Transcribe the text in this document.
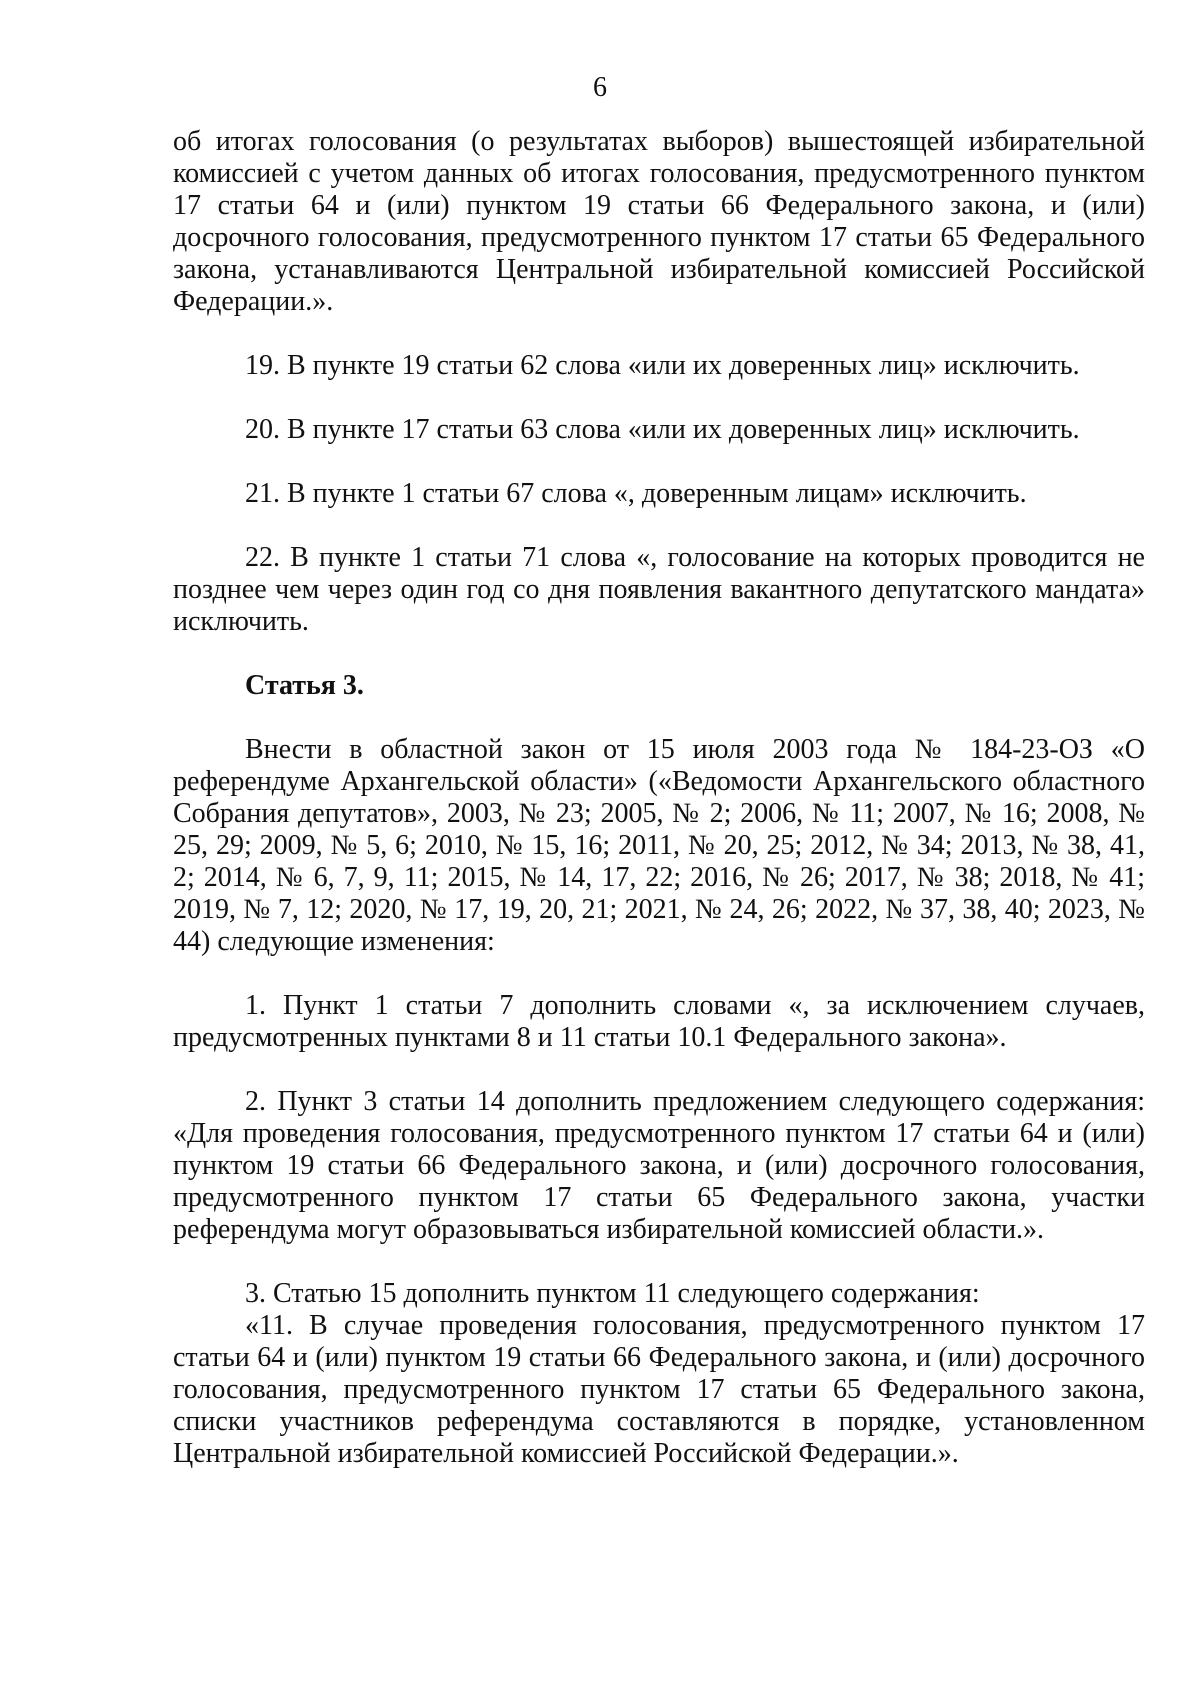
6

об итогах голосования (о результатах выборов) вышестоящей избирательной комиссией с учетом данных об итогах голосования, предусмотренного пунктом 17 статьи 64 и (или) пунктом 19 статьи 66 Федерального закона, и (или) досрочного голосования, предусмотренного пунктом 17 статьи 65 Федерального закона, устанавливаются Центральной избирательной комиссией Российской Федерации.».

19. В пункте 19 статьи 62 слова «или их доверенных лиц» исключить.

20. В пункте 17 статьи 63 слова «или их доверенных лиц» исключить.

21. В пункте 1 статьи 67 слова «, доверенным лицам» исключить.

22. В пункте 1 статьи 71 слова «, голосование на которых проводится не позднее чем через один год со дня появления вакантного депутатского мандата» исключить.

Статья 3.

Внести в областной закон от 15 июля 2003 года № 184-23-ОЗ «О референдуме Архангельской области» («Ведомости Архангельского областного Собрания депутатов», 2003, № 23; 2005, № 2; 2006, № 11; 2007, № 16; 2008, № 25, 29; 2009, № 5, 6; 2010, № 15, 16; 2011, № 20, 25; 2012, № 34; 2013, № 38, 41, 2; 2014, № 6, 7, 9, 11; 2015, № 14, 17, 22; 2016, № 26; 2017, № 38; 2018, № 41; 2019, № 7, 12; 2020, № 17, 19, 20, 21; 2021, № 24, 26; 2022, № 37, 38, 40; 2023, № 44) следующие изменения:

1. Пункт 1 статьи 7 дополнить словами «, за исключением случаев, предусмотренных пунктами 8 и 11 статьи 10.1 Федерального закона».

2. Пункт 3 статьи 14 дополнить предложением следующего содержания: «Для проведения голосования, предусмотренного пунктом 17 статьи 64 и (или) пунктом 19 статьи 66 Федерального закона, и (или) досрочного голосования, предусмотренного пунктом 17 статьи 65 Федерального закона, участки референдума могут образовываться избирательной комиссией области.».

3. Статью 15 дополнить пунктом 11 следующего содержания:

«11. В случае проведения голосования, предусмотренного пунктом 17 статьи 64 и (или) пунктом 19 статьи 66 Федерального закона, и (или) досрочного голосования, предусмотренного пунктом 17 статьи 65 Федерального закона, списки участников референдума составляются в порядке, установленном Центральной избирательной комиссией Российской Федерации.».
